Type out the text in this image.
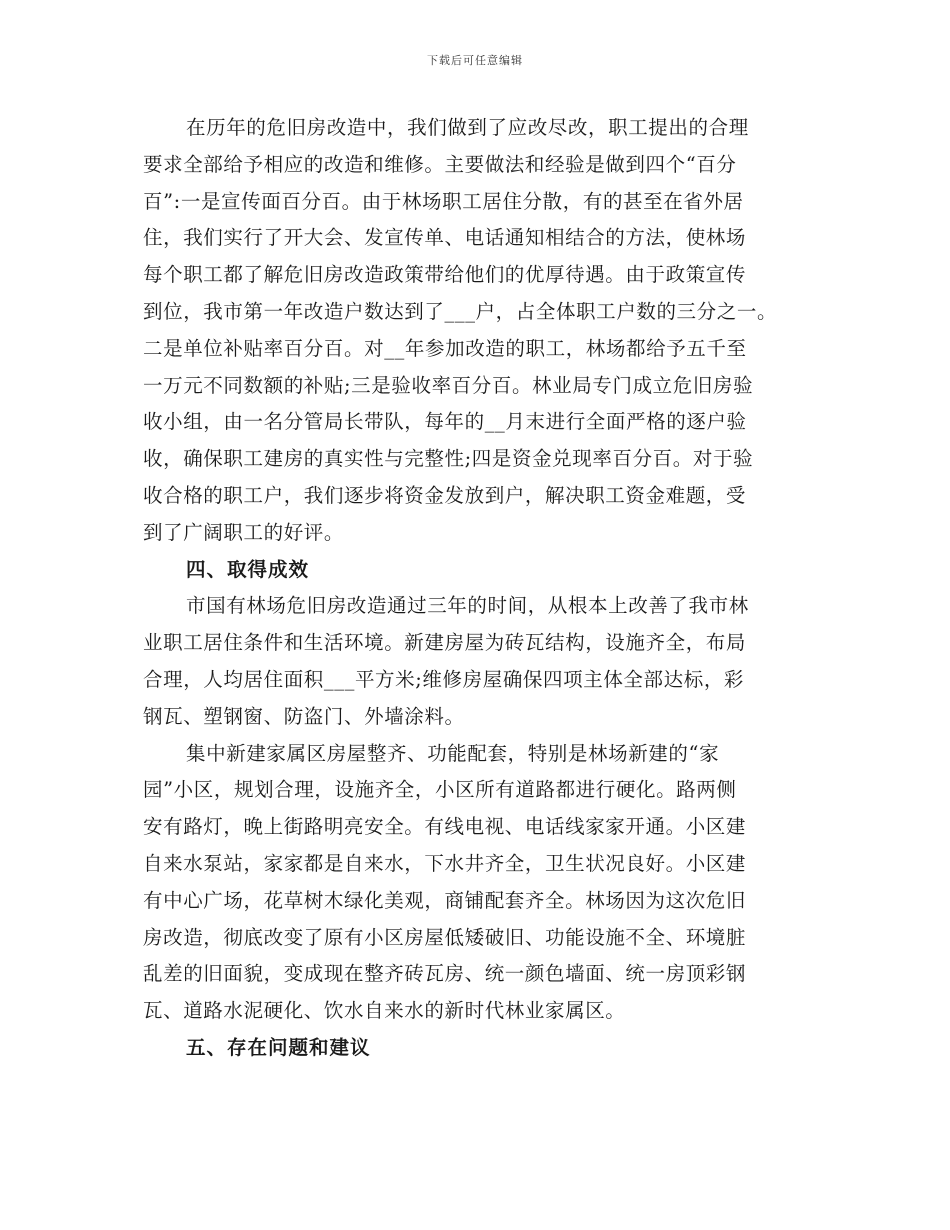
下载后可任意编辑
在历年的危旧房改造中，我们做到了应改尽改，职工提出的合理
要求全部给予相应的改造和维修。主要做法和经验是做到四个“百分
百”:一是宣传面百分百。由于林场职工居住分散，有的甚至在省外居
住，我们实行了开大会、发宣传单、电话通知相结合的方法，使林场
每个职工都了解危旧房改造政策带给他们的优厚待遇。由于政策宣传
到位，我市第一年改造户数达到了___户，占全体职工户数的三分之一。
二是单位补贴率百分百。对__年参加改造的职工，林场都给予五千至
一万元不同数额的补贴;三是验收率百分百。林业局专门成立危旧房验
收小组，由一名分管局长带队，每年的__月末进行全面严格的逐户验
收，确保职工建房的真实性与完整性;四是资金兑现率百分百。对于验
收合格的职工户，我们逐步将资金发放到户，解决职工资金难题，受
到了广阔职工的好评。
四、取得成效
市国有林场危旧房改造通过三年的时间，从根本上改善了我市林
业职工居住条件和生活环境。新建房屋为砖瓦结构，设施齐全，布局
合理，人均居住面积___平方米;维修房屋确保四项主体全部达标，彩
钢瓦、塑钢窗、防盗门、外墙涂料。
集中新建家属区房屋整齐、功能配套，特别是林场新建的“家
园”小区，规划合理，设施齐全，小区所有道路都进行硬化。路两侧
安有路灯，晚上街路明亮安全。有线电视、电话线家家开通。小区建
自来水泵站，家家都是自来水，下水井齐全，卫生状况良好。小区建
有中心广场，花草树木绿化美观，商铺配套齐全。林场因为这次危旧
房改造，彻底改变了原有小区房屋低矮破旧、功能设施不全、环境脏
乱差的旧面貌，变成现在整齐砖瓦房、统一颜色墙面、统一房顶彩钢
瓦、道路水泥硬化、饮水自来水的新时代林业家属区。
五、存在问题和建议
